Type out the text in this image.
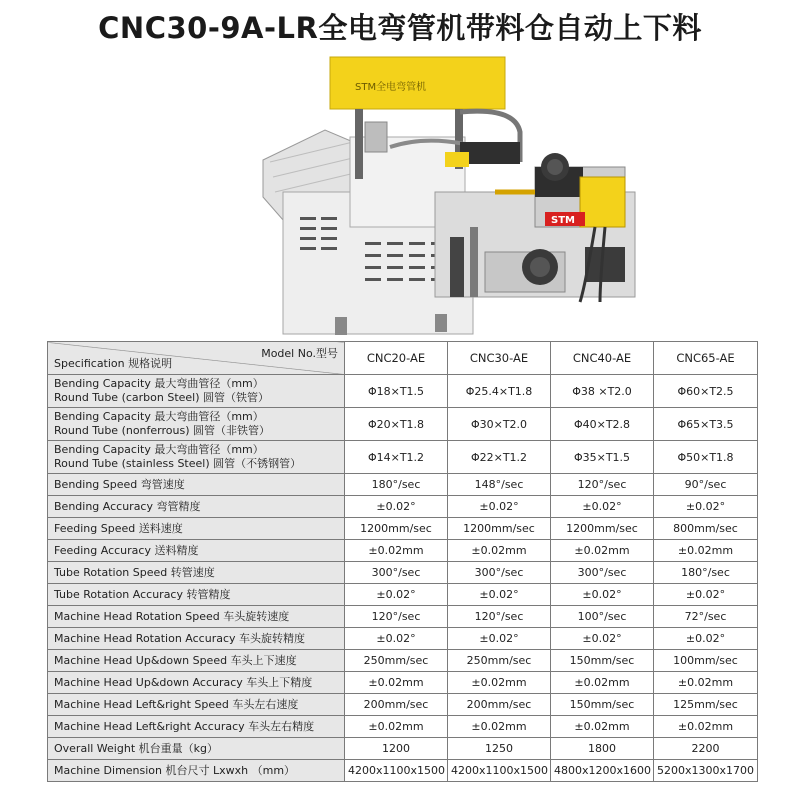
CNC30-9A-LR全电弯管机带料仓自动上下料
STM全电弯管机
STM
Model No.型号
Specification 规格说明	CNC20-AE	CNC30-AE	CNC40-AE	CNC65-AE

Bending Capacity 最大弯曲管径（mm）
Round Tube (carbon Steel) 圆管（铁管）	Φ18×T1.5	Φ25.4×T1.8	Φ38 ×T2.0	Φ60×T2.5

Bending Capacity 最大弯曲管径（mm）
Round Tube (nonferrous) 圆管（非铁管）	Φ20×T1.8	Φ30×T2.0	Φ40×T2.8	Φ65×T3.5

Bending Capacity 最大弯曲管径（mm）
Round Tube (stainless Steel) 圆管（不锈钢管）	Φ14×T1.2	Φ22×T1.2	Φ35×T1.5	Φ50×T1.8

Bending Speed 弯管速度	180°/sec	148°/sec	120°/sec	90°/sec

Bending Accuracy 弯管精度	±0.02°	±0.02°	±0.02°	±0.02°

Feeding Speed 送料速度	1200mm/sec	1200mm/sec	1200mm/sec	800mm/sec

Feeding Accuracy 送料精度	±0.02mm	±0.02mm	±0.02mm	±0.02mm

Tube Rotation Speed 转管速度	300°/sec	300°/sec	300°/sec	180°/sec

Tube Rotation Accuracy 转管精度	±0.02°	±0.02°	±0.02°	±0.02°

Machine Head Rotation Speed 车头旋转速度	120°/sec	120°/sec	100°/sec	72°/sec

Machine Head Rotation Accuracy 车头旋转精度	±0.02°	±0.02°	±0.02°	±0.02°

Machine Head Up&down Speed 车头上下速度	250mm/sec	250mm/sec	150mm/sec	100mm/sec

Machine Head Up&down Accuracy 车头上下精度	±0.02mm	±0.02mm	±0.02mm	±0.02mm

Machine Head Left&right Speed 车头左右速度	200mm/sec	200mm/sec	150mm/sec	125mm/sec

Machine Head Left&right Accuracy 车头左右精度	±0.02mm	±0.02mm	±0.02mm	±0.02mm

Overall Weight 机台重量（kg）	1200	1250	1800	2200

Machine Dimension 机台尺寸 Lxwxh （mm）	4200x1100x1500	4200x1100x1500	4800x1200x1600	5200x1300x1700
